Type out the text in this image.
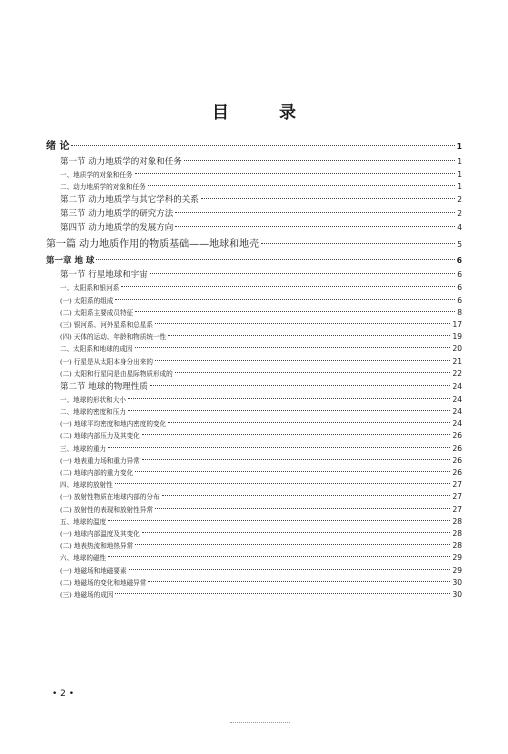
目 录
绪 论	1
第一节 动力地质学的对象和任务	1
一、地质学的对象和任务	1
二、动力地质学的对象和任务	1
第二节 动力地质学与其它学科的关系	2
第三节 动力地质学的研究方法	2
第四节 动力地质学的发展方向	4
第一篇 动力地质作用的物质基础——地球和地壳	5
第一章 地 球	6
第一节 行星地球和宇宙	6
一、太阳系和银河系	6
(一) 太阳系的组成	6
(二) 太阳系主要成员特征	8
(三) 银河系、河外星系和总星系	17
(四) 天体的运动、年龄和物质统一性	19
二、太阳系和地球的成因	20
(一) 行星是从太阳本身分出来的	21
(二) 太阳和行星同是由星际物质形成的	22
第二节 地球的物理性质	24
一、地球的形状和大小	24
二、地球的密度和压力	24
(一) 地球平均密度和地内密度的变化	24
(二) 地球内部压力及其变化	26
三、地球的重力	26
(一) 地表重力场和重力异常	26
(二) 地球内部的重力变化	26
四、地球的放射性	27
(一) 放射性物质在地球内部的分布	27
(二) 放射性的表现和放射性异常	27
五、地球的温度	28
(一) 地球内部温度及其变化	28
(二) 地表热流和地热异常	28
六、地球的磁性	29
(一) 地磁场和地磁要素	29
(二) 地磁场的变化和地磁异常	30
(三) 地磁场的成因	30
• 2 •
